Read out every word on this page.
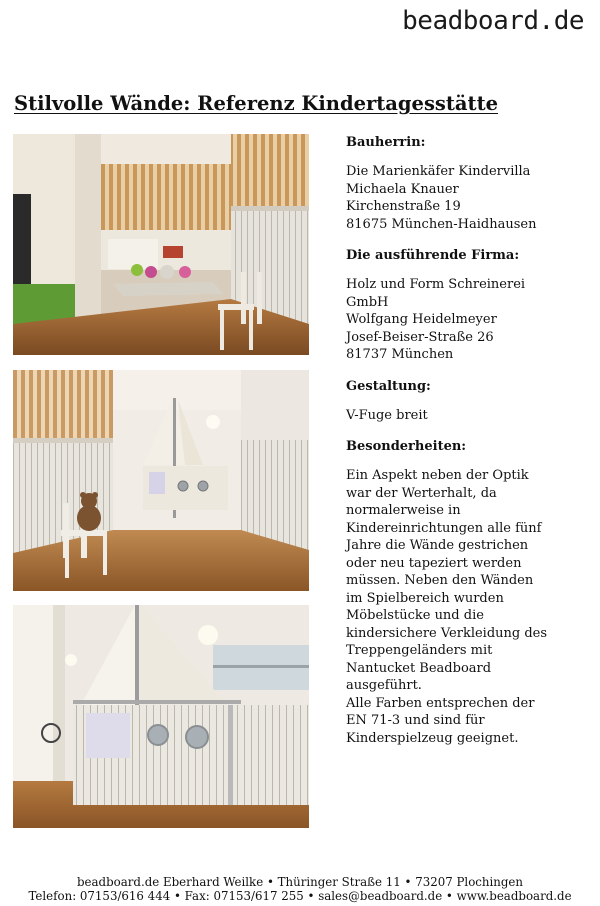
beadboard.de
Stilvolle Wände: Referenz Kindertagesstätte
Bauherrin:

Die Marienkäfer Kindervilla
Michaela Knauer
Kirchenstraße 19
81675 München-Haidhausen

Die ausführende Firma:

Holz und Form Schreinerei
GmbH
Wolfgang Heidelmeyer
Josef-Beiser-Straße 26
81737 München

Gestaltung:

V-Fuge breit

Besonderheiten:

Ein Aspekt neben der Optik
war der Werterhalt, da
normalerweise in
Kindereinrichtungen alle fünf
Jahre die Wände gestrichen
oder neu tapeziert werden
müssen. Neben den Wänden
im Spielbereich wurden
Möbelstücke und die
kindersichere Verkleidung des
Treppengeländers mit
Nantucket Beadboard
ausgeführt.
Alle Farben entsprechen der
EN 71-3 und sind für
Kinderspielzeug geeignet.

beadboard.de Eberhard Weilke • Thüringer Straße 11 • 73207 Plochingen
Telefon: 07153/616 444 • Fax: 07153/617 255 • sales@beadboard.de • www.beadboard.de
